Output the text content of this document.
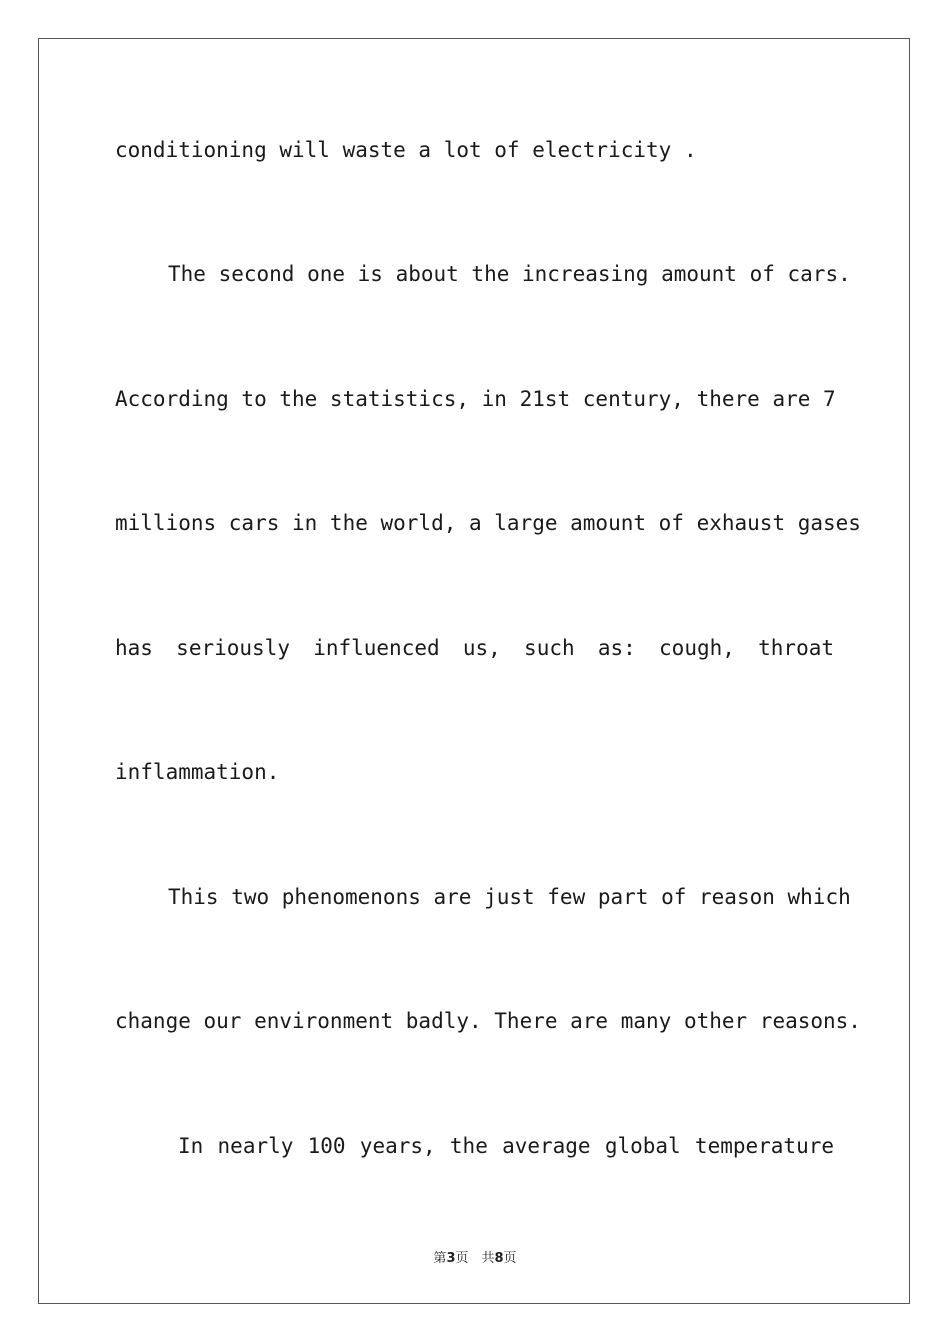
conditioning will waste a lot of electricity .
The second one is about the increasing amount of cars.
According to the statistics, in 21st century, there are 7
millions cars in the world, a large amount of exhaust gases
has seriously influenced us, such as: cough, throat
inflammation.
This two phenomenons are just few part of reason which
change our environment badly. There are many other reasons.
In nearly 100 years, the average global temperature
第3页　共8页
